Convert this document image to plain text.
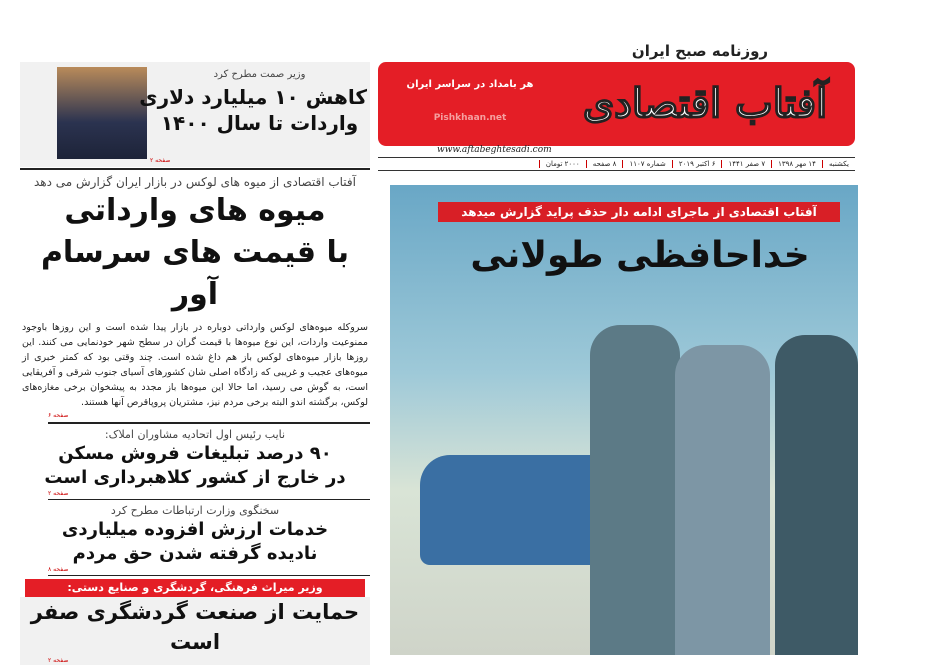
آفتاب اقتصادی
روزنامه صبح ایران
هر بامداد در سراسر ایران
Pishkhaan.net
www.aftabeghtesadi.com
یکشنبه
۱۴ مهر ۱۳۹۸
۷ صفر ۱۴۴۱
۶ اکتبر ۲۰۱۹
شماره ۱۱۰۷
۸ صفحه
۲۰۰۰ تومان
آفتاب اقتصادی از ماجرای ادامه دار حذف پراید گزارش میدهد
خداحافظی طولانی
وزیر صمت مطرح کرد
کاهش ۱۰ میلیارد دلاری
واردات تا سال ۱۴۰۰
صفحه ۲
آفتاب اقتصادی از میوه های لوکس در بازار ایران گزارش می دهد
میوه های وارداتی
با قیمت های سرسام آور
سروکله میوه‌های لوکس وارداتی دوباره در بازار پیدا شده است و این روزها باوجود ممنوعیت واردات، این نوع میوه‌ها با قیمت گران در سطح شهر خودنمایی می کنند. این روزها بازار میوه‌های لوکس باز هم داغ شده است. چند وقتی بود که کمتر خبری از میوه‌های عجیب و غریبی که زادگاه اصلی شان کشورهای آسیای جنوب شرقی و آفریقایی است، به گوش می رسید، اما حالا این میوه‌ها باز مجدد به پیشخوان برخی مغازه‌های لوکس، برگشته اندو البته برخی مردم نیز، مشتریان پروپاقرص آنها هستند.
صفحه ۶
نایب رئیس اول اتحادیه مشاوران املاک:
۹۰ درصد تبلیغات فروش مسکن
در خارج از کشور کلاهبرداری است
صفحه ۲
سخنگوی وزارت ارتباطات مطرح کرد
خدمات ارزش افزوده میلیاردی
نادیده گرفته شدن حق مردم
صفحه ۸
وزیر میراث فرهنگی، گردشگری و صنایع دستی:
حمایت از صنعت گردشگری صفر است
صفحه ۲
